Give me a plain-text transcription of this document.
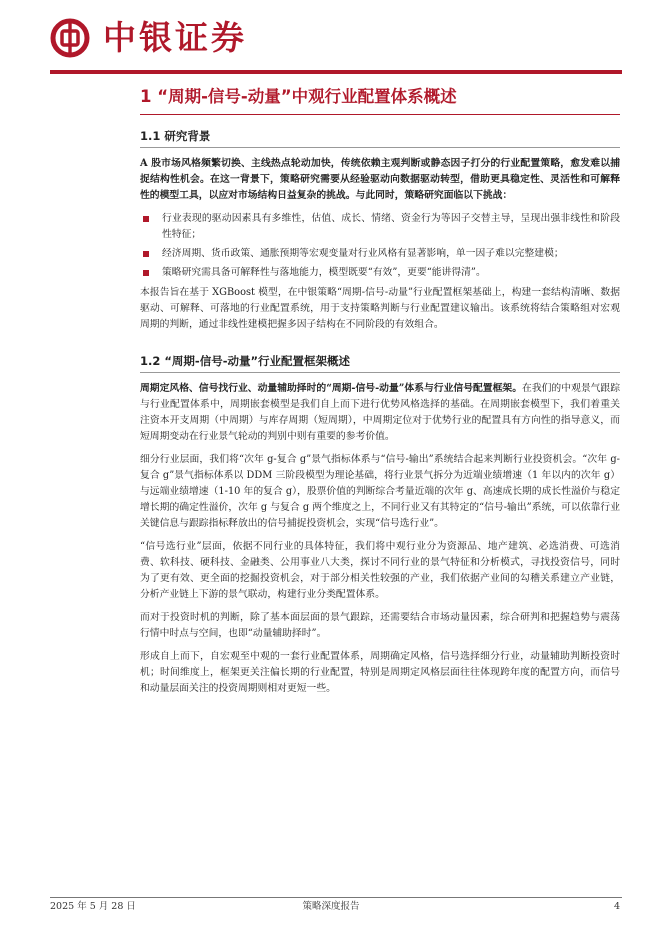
中银证券
1 “周期-信号-动量”中观行业配置体系概述
1.1 研究背景

A 股市场风格频繁切换、主线热点轮动加快，传统依赖主观判断或静态因子打分的行业配置策略，愈发难以捕捉结构性机会。在这一背景下，策略研究需要从经验驱动向数据驱动转型，借助更具稳定性、灵活性和可解释性的模型工具，以应对市场结构日益复杂的挑战。与此同时，策略研究面临以下挑战：

行业表现的驱动因素具有多维性，估值、成长、情绪、资金行为等因子交替主导，呈现出强非线性和阶段性特征；
经济周期、货币政策、通胀预期等宏观变量对行业风格有显著影响，单一因子难以完整建模；
策略研究需具备可解释性与落地能力，模型既要“有效”，更要“能讲得清”。

本报告旨在基于 XGBoost 模型，在中银策略“周期-信号-动量”行业配置框架基础上，构建一套结构清晰、数据驱动、可解释、可落地的行业配置系统，用于支持策略判断与行业配置建议输出。该系统将结合策略组对宏观周期的判断，通过非线性建模把握多因子结构在不同阶段的有效组合。

1.2 “周期-信号-动量”行业配置框架概述

周期定风格、信号找行业、动量辅助择时的“周期-信号-动量”体系与行业信号配置框架。在我们的中观景气跟踪与行业配置体系中，周期嵌套模型是我们自上而下进行优势风格选择的基础。在周期嵌套模型下，我们着重关注资本开支周期（中周期）与库存周期（短周期），中周期定位对于优势行业的配置具有方向性的指导意义，而短周期变动在行业景气轮动的判别中则有重要的参考价值。

细分行业层面，我们将“次年 g-复合 g”景气指标体系与“信号-输出”系统结合起来判断行业投资机会。“次年 g-复合 g”景气指标体系以 DDM 三阶段模型为理论基础，将行业景气拆分为近端业绩增速（1 年以内的次年 g）与远端业绩增速（1-10 年的复合 g），股票价值的判断综合考量近端的次年 g、高速成长期的成长性溢价与稳定增长期的确定性溢价，次年 g 与复合 g 两个维度之上，不同行业又有其特定的“信号-输出”系统，可以依靠行业关键信息与跟踪指标释放出的信号捕捉投资机会，实现“信号选行业”。

“信号选行业”层面，依据不同行业的具体特征，我们将中观行业分为资源品、地产建筑、必选消费、可选消费、软科技、硬科技、金融类、公用事业八大类，探讨不同行业的景气特征和分析模式，寻找投资信号，同时为了更有效、更全面的挖掘投资机会，对于部分相关性较强的产业，我们依据产业间的勾稽关系建立产业链，分析产业链上下游的景气联动，构建行业分类配置体系。

而对于投资时机的判断，除了基本面层面的景气跟踪，还需要结合市场动量因素，综合研判和把握趋势与震荡行情中时点与空间，也即“动量辅助择时”。

形成自上而下，自宏观至中观的一套行业配置体系，周期确定风格，信号选择细分行业，动量辅助判断投资时机；时间维度上，框架更关注偏长期的行业配置，特别是周期定风格层面往往体现跨年度的配置方向，而信号和动量层面关注的投资周期则相对更短一些。

2025 年 5 月 28 日	策略深度报告	4
